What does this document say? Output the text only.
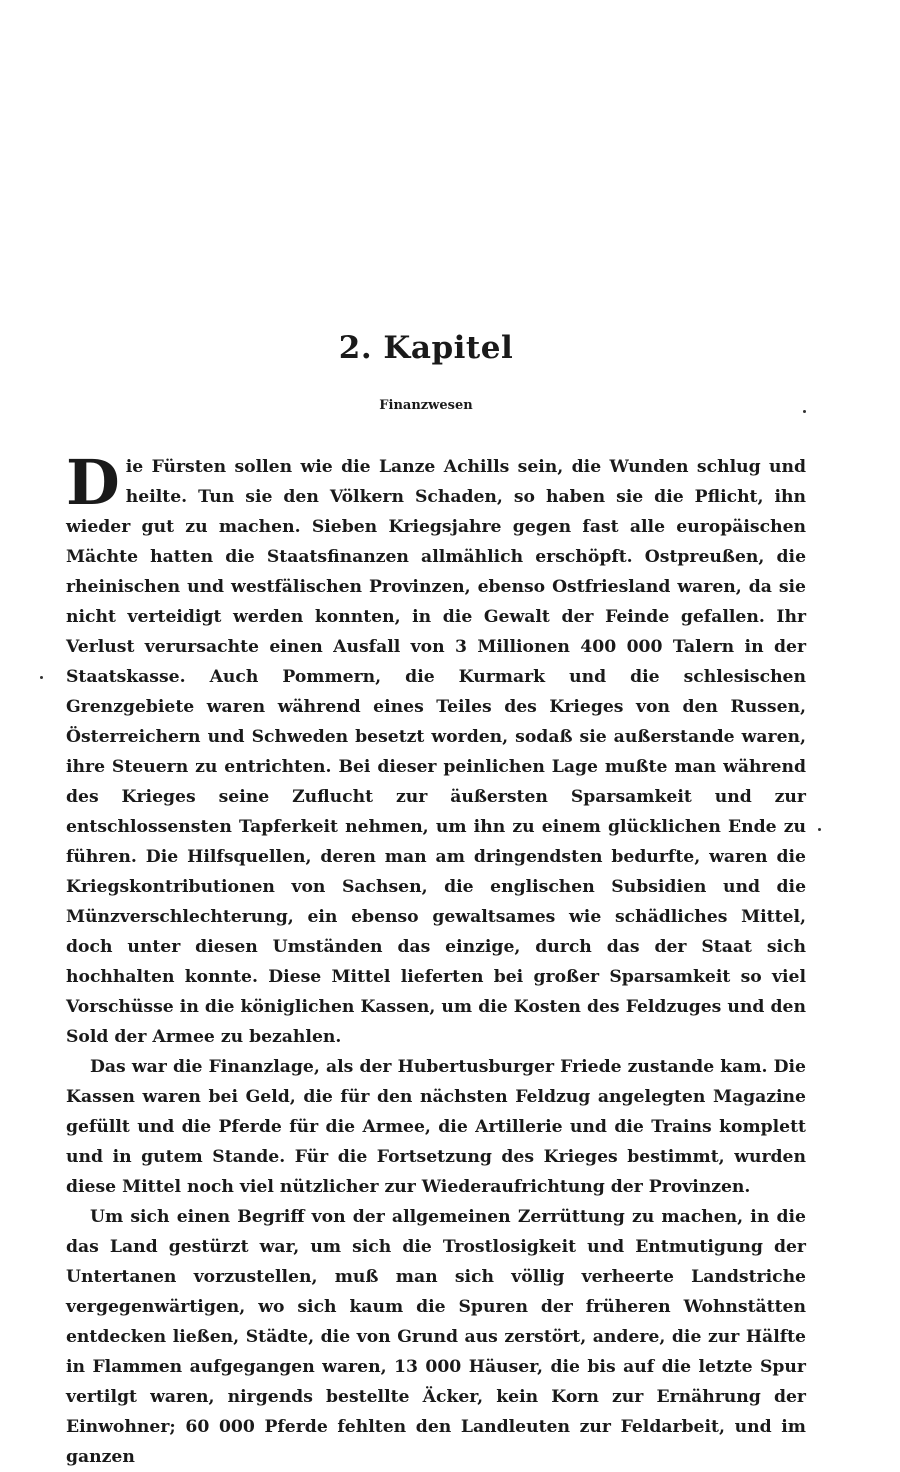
2. Kapitel
Finanzwesen

Die Fürsten sollen wie die Lanze Achills sein, die Wunden schlug und heilte. Tun sie den Völkern Schaden, so haben sie die Pflicht, ihn wieder gut zu machen. Sieben Kriegsjahre gegen fast alle europäischen Mächte hatten die Staatsfinanzen allmählich erschöpft. Ostpreußen, die rheinischen und westfälischen Provinzen, ebenso Ostfriesland waren, da sie nicht verteidigt werden konnten, in die Gewalt der Feinde gefallen. Ihr Verlust verursachte einen Ausfall von 3 Millionen 400 000 Talern in der Staatskasse. Auch Pommern, die Kurmark und die schlesischen Grenzgebiete waren während eines Teiles des Krieges von den Russen, Österreichern und Schweden besetzt worden, sodaß sie außerstande waren, ihre Steuern zu entrichten. Bei dieser peinlichen Lage mußte man während des Krieges seine Zuflucht zur äußersten Sparsamkeit und zur entschlossensten Tapferkeit nehmen, um ihn zu einem glücklichen Ende zu führen. Die Hilfsquellen, deren man am dringendsten bedurfte, waren die Kriegskontributionen von Sachsen, die englischen Subsidien und die Münzverschlechterung, ein ebenso gewaltsames wie schädliches Mittel, doch unter diesen Umständen das einzige, durch das der Staat sich hochhalten konnte. Diese Mittel lieferten bei großer Sparsamkeit so viel Vorschüsse in die königlichen Kassen, um die Kosten des Feldzuges und den Sold der Armee zu bezahlen.

Das war die Finanzlage, als der Hubertusburger Friede zustande kam. Die Kassen waren bei Geld, die für den nächsten Feldzug angelegten Magazine gefüllt und die Pferde für die Armee, die Artillerie und die Trains komplett und in gutem Stande. Für die Fortsetzung des Krieges bestimmt, wurden diese Mittel noch viel nützlicher zur Wiederaufrichtung der Provinzen.

Um sich einen Begriff von der allgemeinen Zerrüttung zu machen, in die das Land gestürzt war, um sich die Trostlosigkeit und Entmutigung der Untertanen vorzustellen, muß man sich völlig verheerte Landstriche vergegenwärtigen, wo sich kaum die Spuren der früheren Wohnstätten entdecken ließen, Städte, die von Grund aus zerstört, andere, die zur Hälfte in Flammen aufgegangen waren, 13 000 Häuser, die bis auf die letzte Spur vertilgt waren, nirgends bestellte Äcker, kein Korn zur Ernährung der Einwohner; 60 000 Pferde fehlten den Landleuten zur Feldarbeit, und im ganzen
